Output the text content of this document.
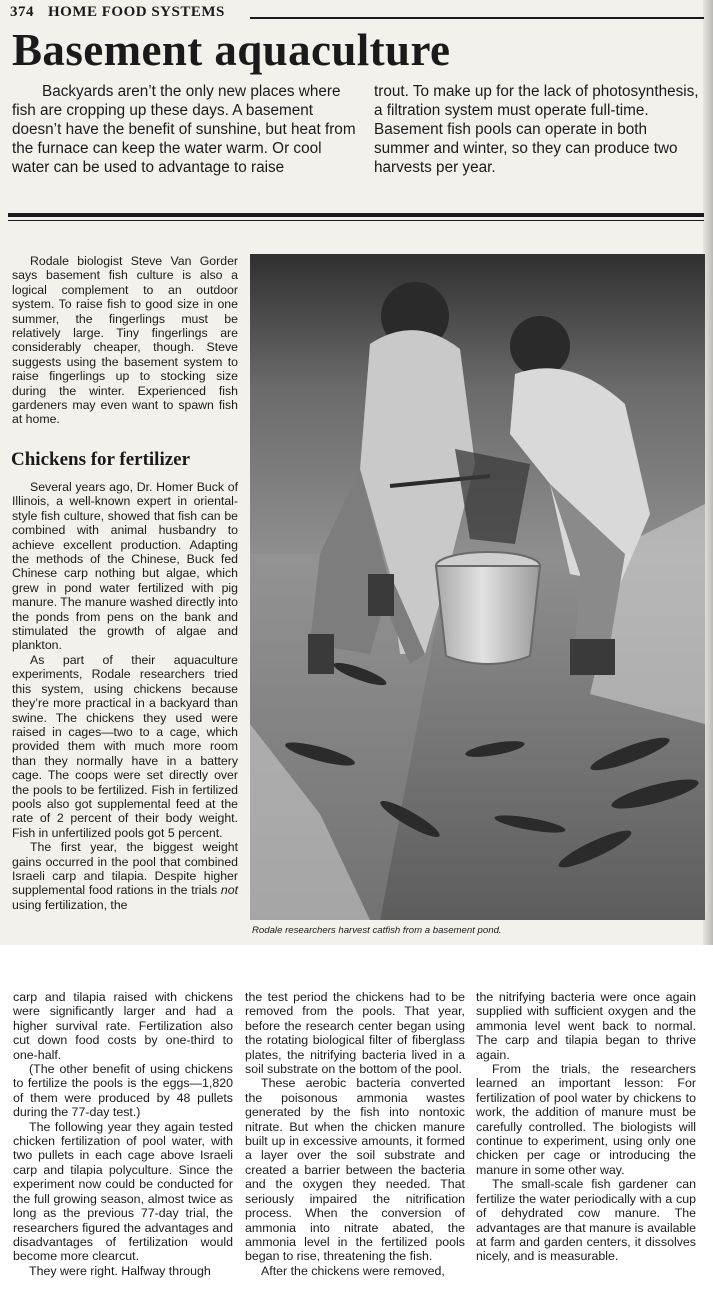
374 HOME FOOD SYSTEMS
Basement aquaculture
Backyards aren’t the only new places where fish are cropping up these days. A basement doesn’t have the benefit of sunshine, but heat from the furnace can keep the water warm. Or cool water can be used to advantage to raise
trout. To make up for the lack of photosynthesis, a filtration system must operate full-time. Basement fish pools can operate in both summer and winter, so they can produce two harvests per year.

Rodale biologist Steve Van Gorder says basement fish culture is also a logical complement to an outdoor system. To raise fish to good size in one summer, the fingerlings must be relatively large. Tiny fingerlings are considerably cheaper, though. Steve suggests using the basement system to raise fingerlings up to stocking size during the winter. Experienced fish gardeners may even want to spawn fish at home.

Chickens for fertilizer

Several years ago, Dr. Homer Buck of Illinois, a well-known expert in oriental-style fish culture, showed that fish can be combined with animal husbandry to achieve excellent production. Adapting the methods of the Chinese, Buck fed Chinese carp nothing but algae, which grew in pond water fertilized with pig manure. The manure washed directly into the ponds from pens on the bank and stimulated the growth of algae and plankton.

As part of their aquaculture experiments, Rodale researchers tried this system, using chickens because they’re more practical in a backyard than swine. The chickens they used were raised in cages—two to a cage, which provided them with much more room than they normally have in a battery cage. The coops were set directly over the pools to be fertilized. Fish in fertilized pools also got supplemental feed at the rate of 2 percent of their body weight. Fish in unfertilized pools got 5 percent.

The first year, the biggest weight gains occurred in the pool that combined Israeli carp and tilapia. Despite higher supplemental food rations in the trials not using fertilization, the

Rodale researchers harvest catfish from a basement pond.

carp and tilapia raised with chickens were significantly larger and had a higher survival rate. Fertilization also cut down food costs by one-third to one-half.

(The other benefit of using chickens to fertilize the pools is the eggs—1,820 of them were produced by 48 pullets during the 77-day test.)

The following year they again tested chicken fertilization of pool water, with two pullets in each cage above Israeli carp and tilapia polyculture. Since the experiment now could be conducted for the full growing season, almost twice as long as the previous 77-day trial, the researchers figured the advantages and disadvantages of fertilization would become more clearcut.

They were right. Halfway through

the test period the chickens had to be removed from the pools. That year, before the research center began using the rotating biological filter of fiberglass plates, the nitrifying bacteria lived in a soil substrate on the bottom of the pool.

These aerobic bacteria converted the poisonous ammonia wastes generated by the fish into nontoxic nitrate. But when the chicken manure built up in excessive amounts, it formed a layer over the soil substrate and created a barrier between the bacteria and the oxygen they needed. That seriously impaired the nitrification process. When the conversion of ammonia into nitrate abated, the ammonia level in the fertilized pools began to rise, threatening the fish.

After the chickens were removed,

the nitrifying bacteria were once again supplied with sufficient oxygen and the ammonia level went back to normal. The carp and tilapia began to thrive again.

From the trials, the researchers learned an important lesson: For fertilization of pool water by chickens to work, the addition of manure must be carefully controlled. The biologists will continue to experiment, using only one chicken per cage or introducing the manure in some other way.

The small-scale fish gardener can fertilize the water periodically with a cup of dehydrated cow manure. The advantages are that manure is available at farm and garden centers, it dissolves nicely, and is measurable.
